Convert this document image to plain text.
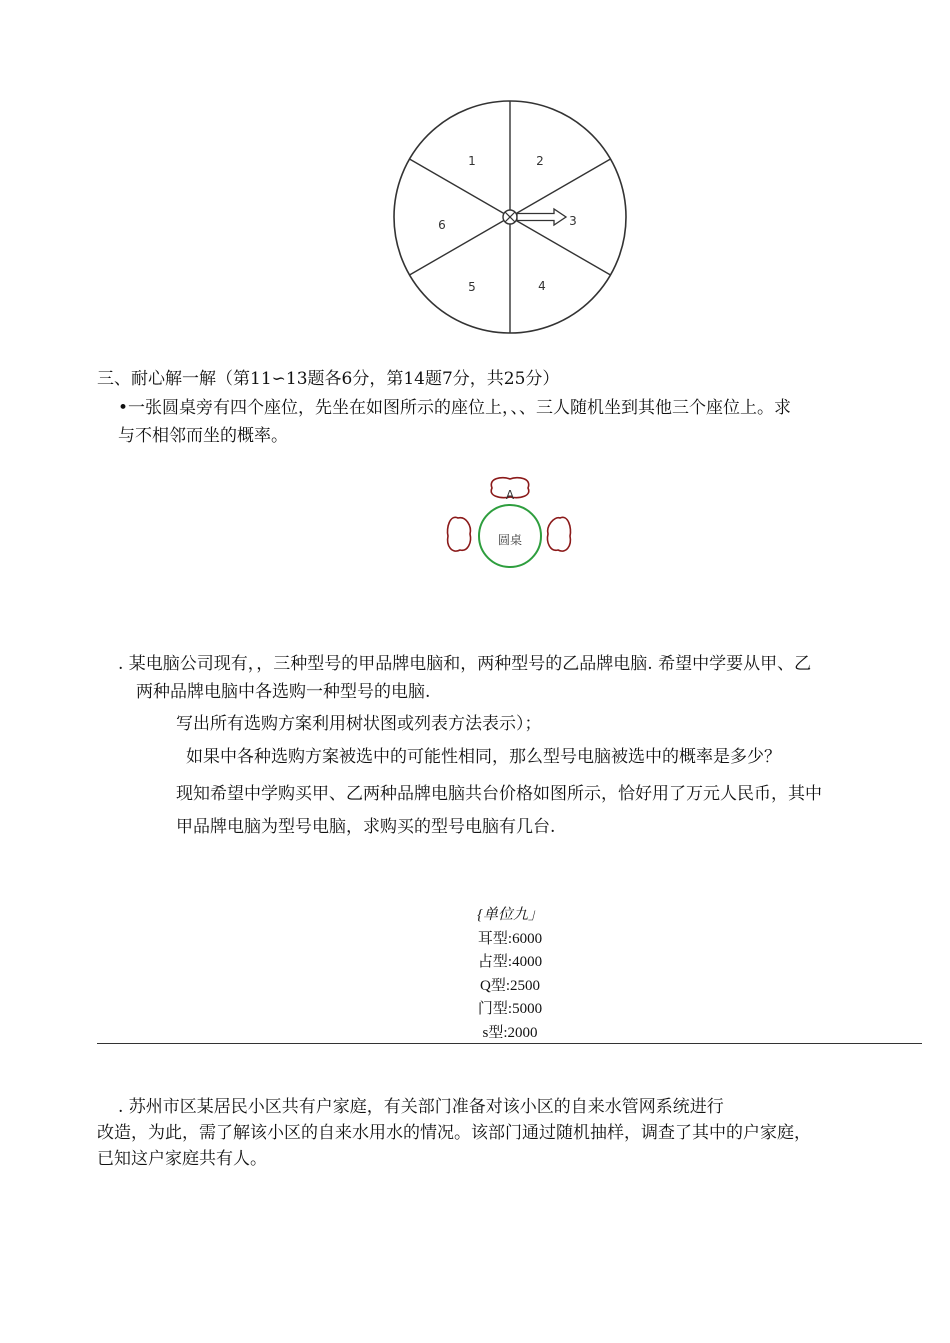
1	2
3
4
5
6
三、耐心解一解（第11∽13题各6分，第14题7分，共25分）
•一张圆桌旁有四个座位，先坐在如图所示的座位上，、、三人随机坐到其他三个座位上。求
与不相邻而坐的概率。
A
圆桌
. 某电脑公司现有，，三种型号的甲品牌电脑和，两种型号的乙品牌电脑. 希望中学要从甲、乙
两种品牌电脑中各选购一种型号的电脑.
写出所有选购方案利用树状图或列表方法表示）；
如果中各种选购方案被选中的可能性相同，那么型号电脑被选中的概率是多少？
现知希望中学购买甲、乙两种品牌电脑共台价格如图所示，恰好用了万元人民币，其中
甲品牌电脑为型号电脑，求购买的型号电脑有几台.
{单位九」
耳型:6000
占型:4000
Q型:2500
门型:5000
s型:2000
. 苏州市区某居民小区共有户家庭，有关部门准备对该小区的自来水管网系统进行
改造，为此，需了解该小区的自来水用水的情况。该部门通过随机抽样，调查了其中的户家庭，
已知这户家庭共有人。
